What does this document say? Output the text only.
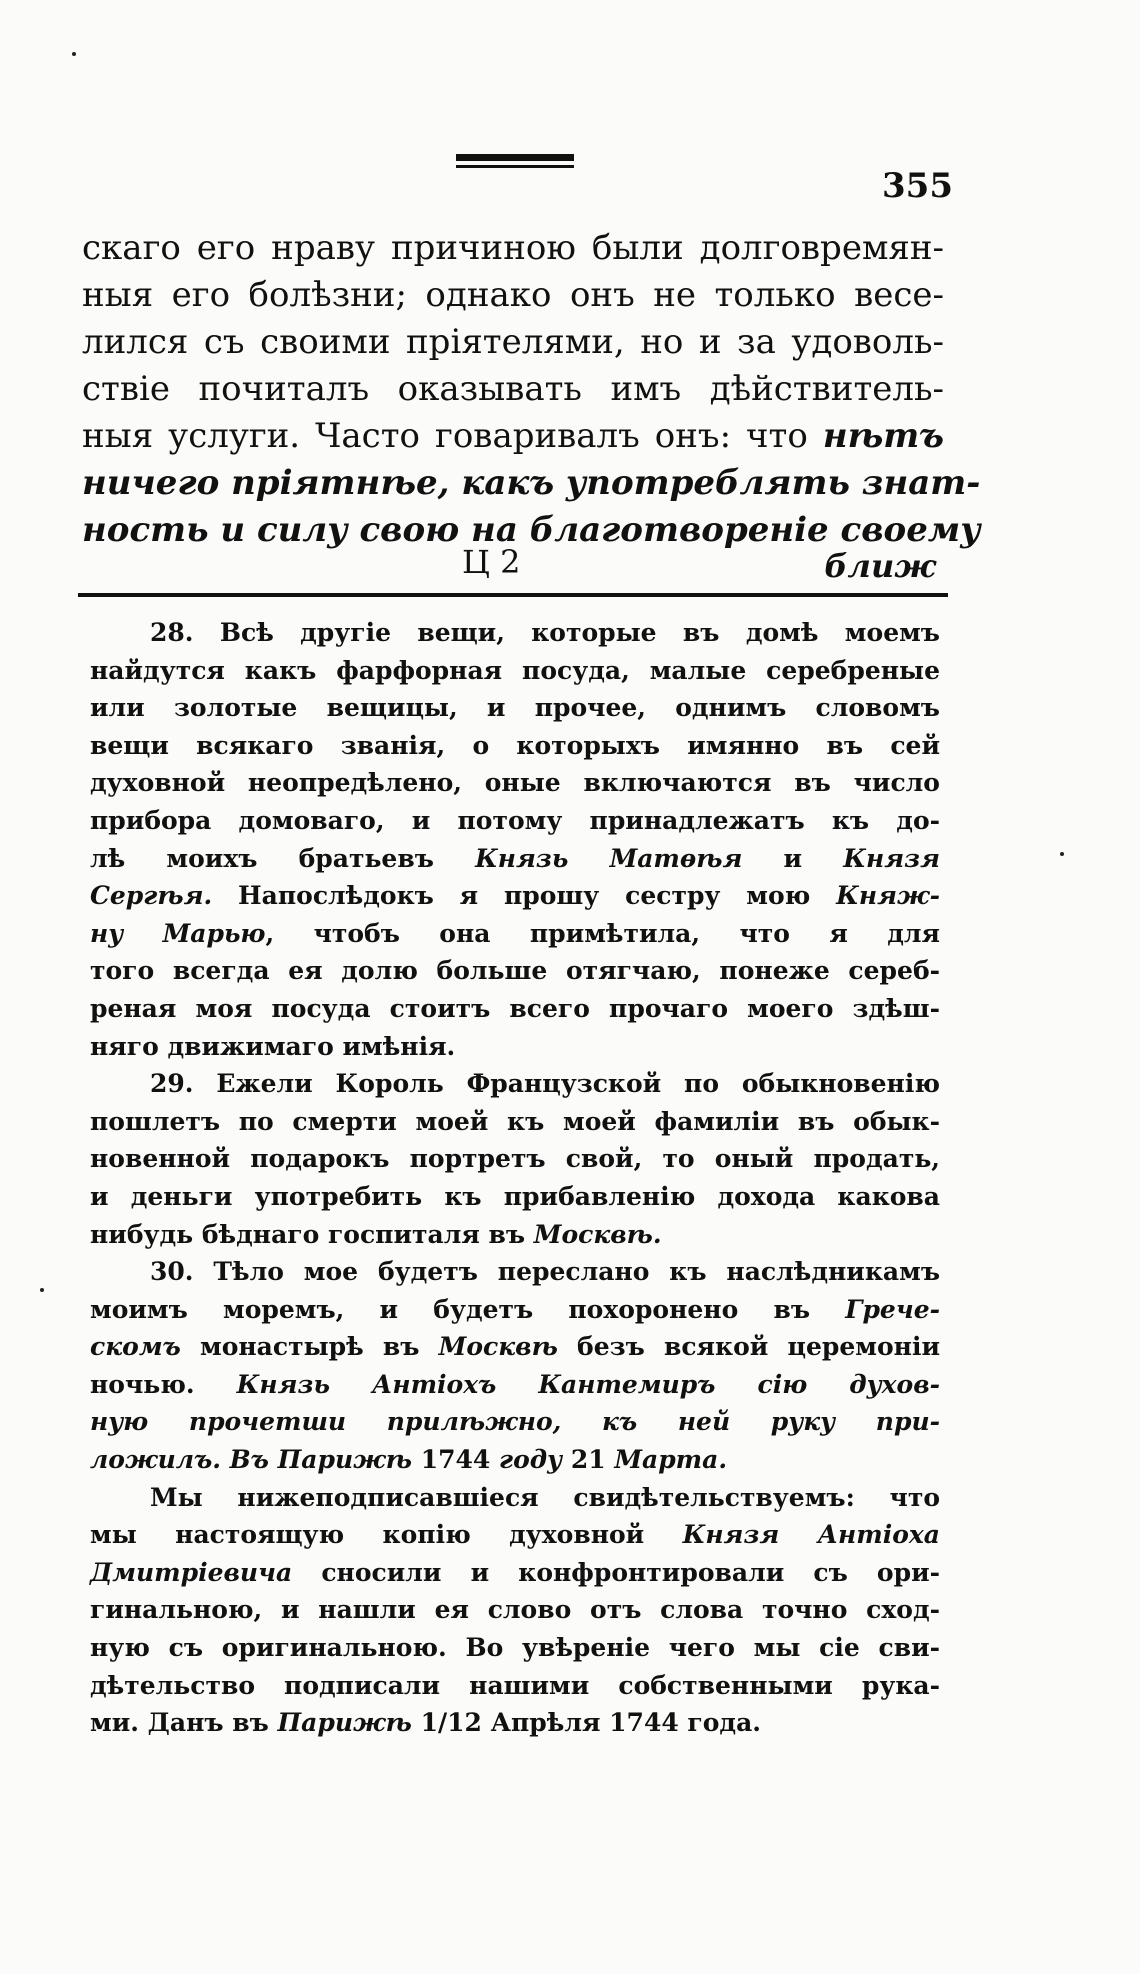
355
скаго его нраву причиною были долговремян-
ныя его болѣзни; однако онъ не только весе-
лился съ своими пріятелями, но и за удоволь-
ствіе почиталъ оказывать имъ дѣйствитель-
ныя услуги. Часто говаривалъ онъ: что нѣтъ
ничего пріятнѣе, какъ употреблять знат-
ность и силу свою на благотвореніе своему
Ц 2	ближ
28. Всѣ другіе вещи, которые въ домѣ моемъ
найдутся какъ фарфорная посуда, малые серебреные
или золотые вещицы, и прочее, однимъ словомъ
вещи всякаго званія, о которыхъ имянно въ сей
духовной неопредѣлено, оные включаются въ число
прибора домоваго, и потому принадлежатъ къ до-
лѣ моихъ братьевъ Князь Матѳѣя и Князя
Сергѣя. Напослѣдокъ я прошу сестру мою Княж-
ну Марью, чтобъ она примѣтила, что я для
того всегда ея долю больше отягчаю, понеже сереб-
реная моя посуда стоитъ всего прочаго моего здѣш-
няго движимаго имѣнія.
29. Ежели Король Французской по обыкновенію
пошлетъ по смерти моей къ моей фамиліи въ обык-
новенной подарокъ портретъ свой, то оный продать,
и деньги употребить къ прибавленію дохода какова
нибудь бѣднаго госпиталя въ Москвѣ.
30. Тѣло мое будетъ переслано къ наслѣдникамъ
моимъ моремъ, и будетъ похоронено въ Грече-
скомъ монастырѣ въ Москвѣ безъ всякой церемоніи
ночью. Князь Антіохъ Кантемиръ сію духов-
ную прочетши прилѣжно, къ ней руку при-
ложилъ. Въ Парижѣ 1744 году 21 Марта.
Мы нижеподписавшіеся свидѣтельствуемъ: что
мы настоящую копію духовной Князя Антіоха
Дмитріевича сносили и конфронтировали съ ори-
гинальною, и нашли ея слово отъ слова точно сход-
ную съ оригинальною. Во увѣреніе чего мы сіе сви-
дѣтельство подписали нашими собственными рука-
ми. Данъ въ Парижѣ 1/12 Апрѣля 1744 года.
